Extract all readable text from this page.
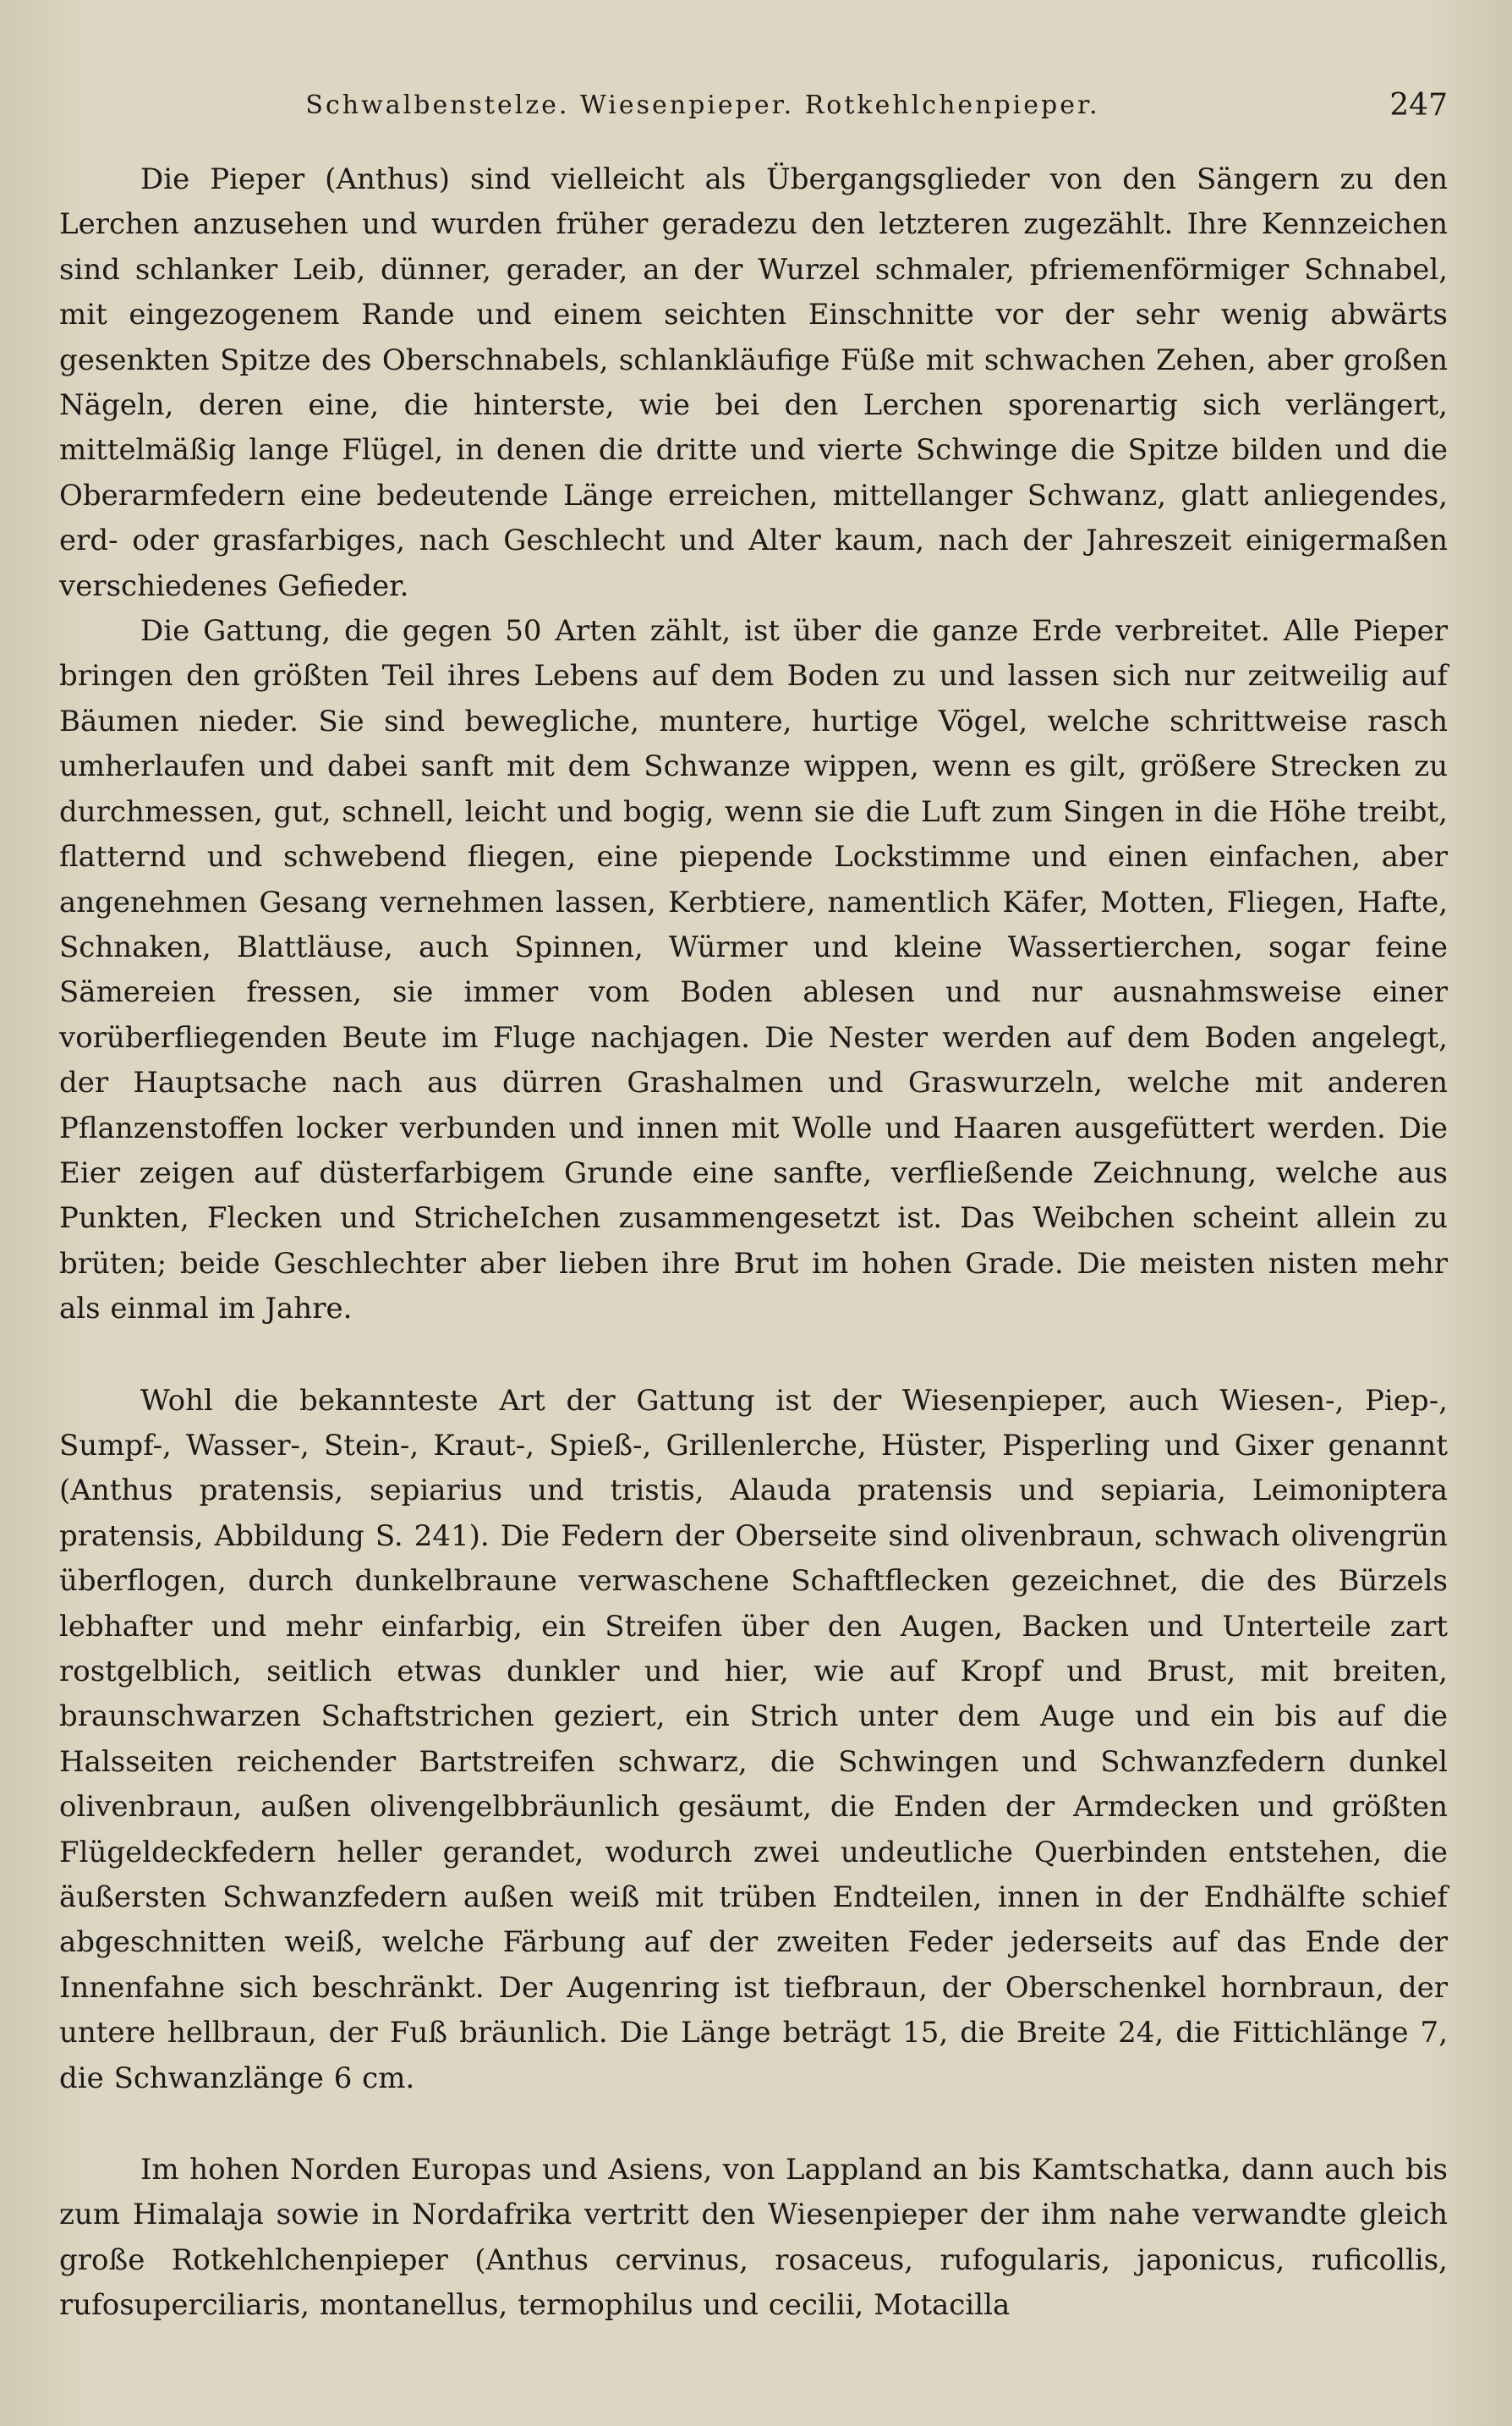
Schwalbenstelze. Wiesenpieper. Rotkehlchenpieper.	247

Die Pieper (Anthus) sind vielleicht als Übergangsglieder von den Sängern zu den Lerchen anzusehen und wurden früher geradezu den letzteren zugezählt. Ihre Kennzeichen sind schlanker Leib, dünner, gerader, an der Wurzel schmaler, pfriemenförmiger Schnabel, mit eingezogenem Rande und einem seichten Einschnitte vor der sehr wenig abwärts gesenkten Spitze des Oberschnabels, schlankläufige Füße mit schwachen Zehen, aber großen Nägeln, deren eine, die hinterste, wie bei den Lerchen sporenartig sich verlängert, mittelmäßig lange Flügel, in denen die dritte und vierte Schwinge die Spitze bilden und die Oberarmfedern eine bedeutende Länge erreichen, mittellanger Schwanz, glatt anliegendes, erd- oder grasfarbiges, nach Geschlecht und Alter kaum, nach der Jahreszeit einigermaßen verschiedenes Gefieder.

Die Gattung, die gegen 50 Arten zählt, ist über die ganze Erde verbreitet. Alle Pieper bringen den größten Teil ihres Lebens auf dem Boden zu und lassen sich nur zeitweilig auf Bäumen nieder. Sie sind bewegliche, muntere, hurtige Vögel, welche schrittweise rasch umherlaufen und dabei sanft mit dem Schwanze wippen, wenn es gilt, größere Strecken zu durchmessen, gut, schnell, leicht und bogig, wenn sie die Luft zum Singen in die Höhe treibt, flatternd und schwebend fliegen, eine piepende Lockstimme und einen einfachen, aber angenehmen Gesang vernehmen lassen, Kerbtiere, namentlich Käfer, Motten, Fliegen, Hafte, Schnaken, Blattläuse, auch Spinnen, Würmer und kleine Wassertierchen, sogar feine Sämereien fressen, sie immer vom Boden ablesen und nur ausnahmsweise einer vorüberfliegenden Beute im Fluge nachjagen. Die Nester werden auf dem Boden angelegt, der Hauptsache nach aus dürren Grashalmen und Graswurzeln, welche mit anderen Pflanzenstoffen locker verbunden und innen mit Wolle und Haaren ausgefüttert werden. Die Eier zeigen auf düsterfarbigem Grunde eine sanfte, verfließende Zeichnung, welche aus Punkten, Flecken und StricheIchen zusammengesetzt ist. Das Weibchen scheint allein zu brüten; beide Geschlechter aber lieben ihre Brut im hohen Grade. Die meisten nisten mehr als einmal im Jahre.

Wohl die bekannteste Art der Gattung ist der Wiesenpieper, auch Wiesen-, Piep-, Sumpf-, Wasser-, Stein-, Kraut-, Spieß-, Grillenlerche, Hüster, Pisperling und Gixer genannt (Anthus pratensis, sepiarius und tristis, Alauda pratensis und sepiaria, Leimoniptera pratensis, Abbildung S. 241). Die Federn der Oberseite sind olivenbraun, schwach olivengrün überflogen, durch dunkelbraune verwaschene Schaftflecken gezeichnet, die des Bürzels lebhafter und mehr einfarbig, ein Streifen über den Augen, Backen und Unterteile zart rostgelblich, seitlich etwas dunkler und hier, wie auf Kropf und Brust, mit breiten, braunschwarzen Schaftstrichen geziert, ein Strich unter dem Auge und ein bis auf die Halsseiten reichender Bartstreifen schwarz, die Schwingen und Schwanzfedern dunkel olivenbraun, außen olivengelbbräunlich gesäumt, die Enden der Armdecken und größten Flügeldeckfedern heller gerandet, wodurch zwei undeutliche Querbinden entstehen, die äußersten Schwanzfedern außen weiß mit trüben Endteilen, innen in der Endhälfte schief abgeschnitten weiß, welche Färbung auf der zweiten Feder jederseits auf das Ende der Innenfahne sich beschränkt. Der Augenring ist tiefbraun, der Oberschenkel hornbraun, der untere hellbraun, der Fuß bräunlich. Die Länge beträgt 15, die Breite 24, die Fittichlänge 7, die Schwanzlänge 6 cm.

Im hohen Norden Europas und Asiens, von Lappland an bis Kamtschatka, dann auch bis zum Himalaja sowie in Nordafrika vertritt den Wiesenpieper der ihm nahe verwandte gleich große Rotkehlchenpieper (Anthus cervinus, rosaceus, rufogularis, japonicus, ruficollis, rufosuperciliaris, montanellus, termophilus und cecilii, Motacilla
